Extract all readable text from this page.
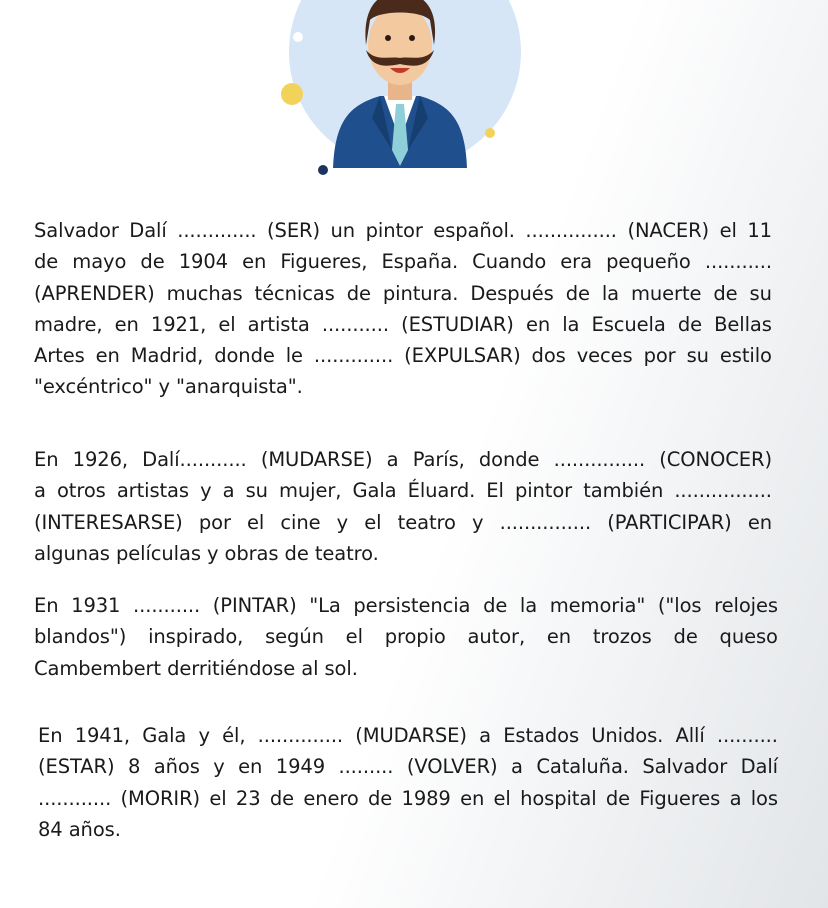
Salvador Dalí ............. (SER) un pintor español. ............... (NACER) el 11
de mayo de 1904 en Figueres, España. Cuando era pequeño ...........
(APRENDER) muchas técnicas de pintura. Después de la muerte de su
madre, en 1921, el artista ........... (ESTUDIAR) en la Escuela de Bellas
Artes en Madrid, donde le ............. (EXPULSAR) dos veces por su estilo
"excéntrico" y "anarquista".
En 1926, Dalí........... (MUDARSE) a París, donde ............... (CONOCER)
a otros artistas y a su mujer, Gala Éluard. El pintor también ................
(INTERESARSE) por el cine y el teatro y ............... (PARTICIPAR) en
algunas películas y obras de teatro.
En 1931 ........... (PINTAR) "La persistencia de la memoria" ("los relojes
blandos") inspirado, según el propio autor, en trozos de queso
Cambembert derritiéndose al sol.
En 1941, Gala y él, .............. (MUDARSE) a Estados Unidos. Allí ..........
(ESTAR) 8 años y en 1949 ......... (VOLVER) a Cataluña. Salvador Dalí
............ (MORIR) el 23 de enero de 1989 en el hospital de Figueres a los
84 años.
